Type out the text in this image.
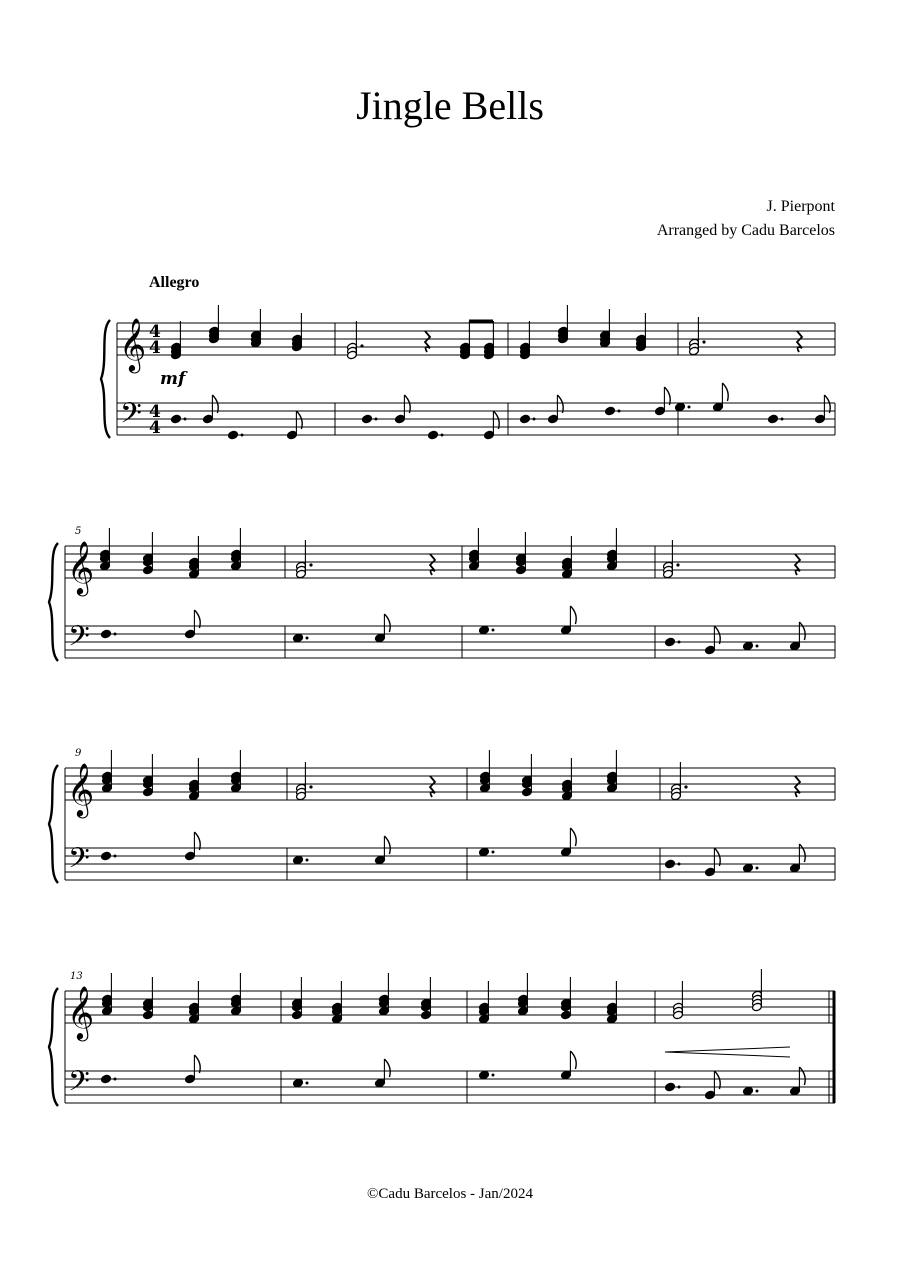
Jingle Bells
J. Pierpont
Arranged by Cadu Barcelos
Allegro
𝄞
𝄢
𝄞
𝄢
𝄞
𝄢
𝄞
𝄢
4
4
4
4
mf
5
9
13
©Cadu Barcelos - Jan/2024
